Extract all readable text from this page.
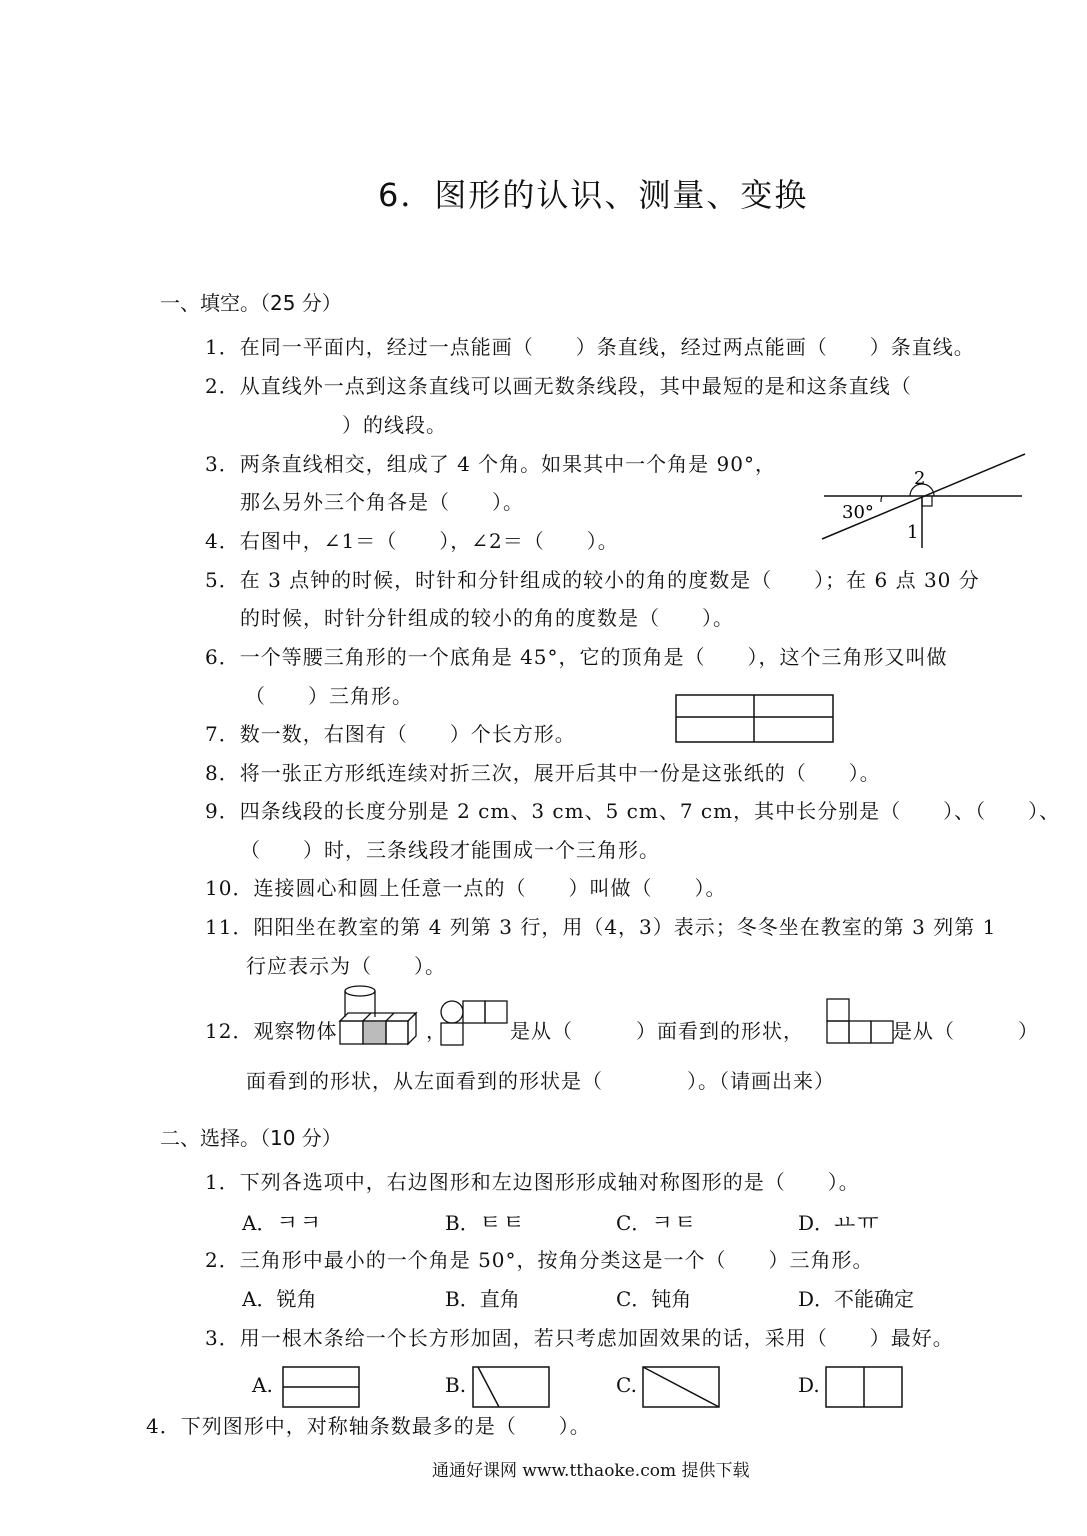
6．图形的认识、测量、变换
一、填空。（25 分）
1．在同一平面内，经过一点能画（　　）条直线，经过两点能画（　　）条直线。
2．从直线外一点到这条直线可以画无数条线段，其中最短的是和这条直线（
）的线段。
3．两条直线相交，组成了 4 个角。如果其中一个角是 90°，
那么另外三个角各是（　　）。
4．右图中，∠1＝（　　），∠2＝（　　）。
30°
1
2
5．在 3 点钟的时候，时针和分针组成的较小的角的度数是（　　）；在 6 点 30 分
的时候，时针分针组成的较小的角的度数是（　　）。
6．一个等腰三角形的一个底角是 45°，它的顶角是（　　），这个三角形又叫做
（　　）三角形。
7．数一数，右图有（　　）个长方形。
8．将一张正方形纸连续对折三次，展开后其中一份是这张纸的（　　）。
9．四条线段的长度分别是 2 cm、3 cm、5 cm、7 cm，其中长分别是（　　）、（　　）、
（　　）时，三条线段才能围成一个三角形。
10．连接圆心和圆上任意一点的（　　）叫做（　　）。
11．阳阳坐在教室的第 4 列第 3 行，用（4，3）表示；冬冬坐在教室的第 3 列第 1
行应表示为（　　）。
12．观察物体	，	是从（　　　）面看到的形状，	是从（　　　）
面看到的形状，从左面看到的形状是（　　　　）。（请画出来）
二、选择。（10 分）
1．下列各选项中，右边图形和左边图形形成轴对称图形的是（　　）。
A．ㅋㅋ	B．ㅌㅌ	C．ㅋㅌ	D．ㅛㅠ
2．三角形中最小的一个角是 50°，按角分类这是一个（　　）三角形。
A．锐角	B．直角	C．钝角	D．不能确定
3．用一根木条给一个长方形加固，若只考虑加固效果的话，采用（　　）最好。
A.	B.	C.	D.
4．下列图形中，对称轴条数最多的是（　　）。
通通好课网 www.tthaoke.com 提供下载
